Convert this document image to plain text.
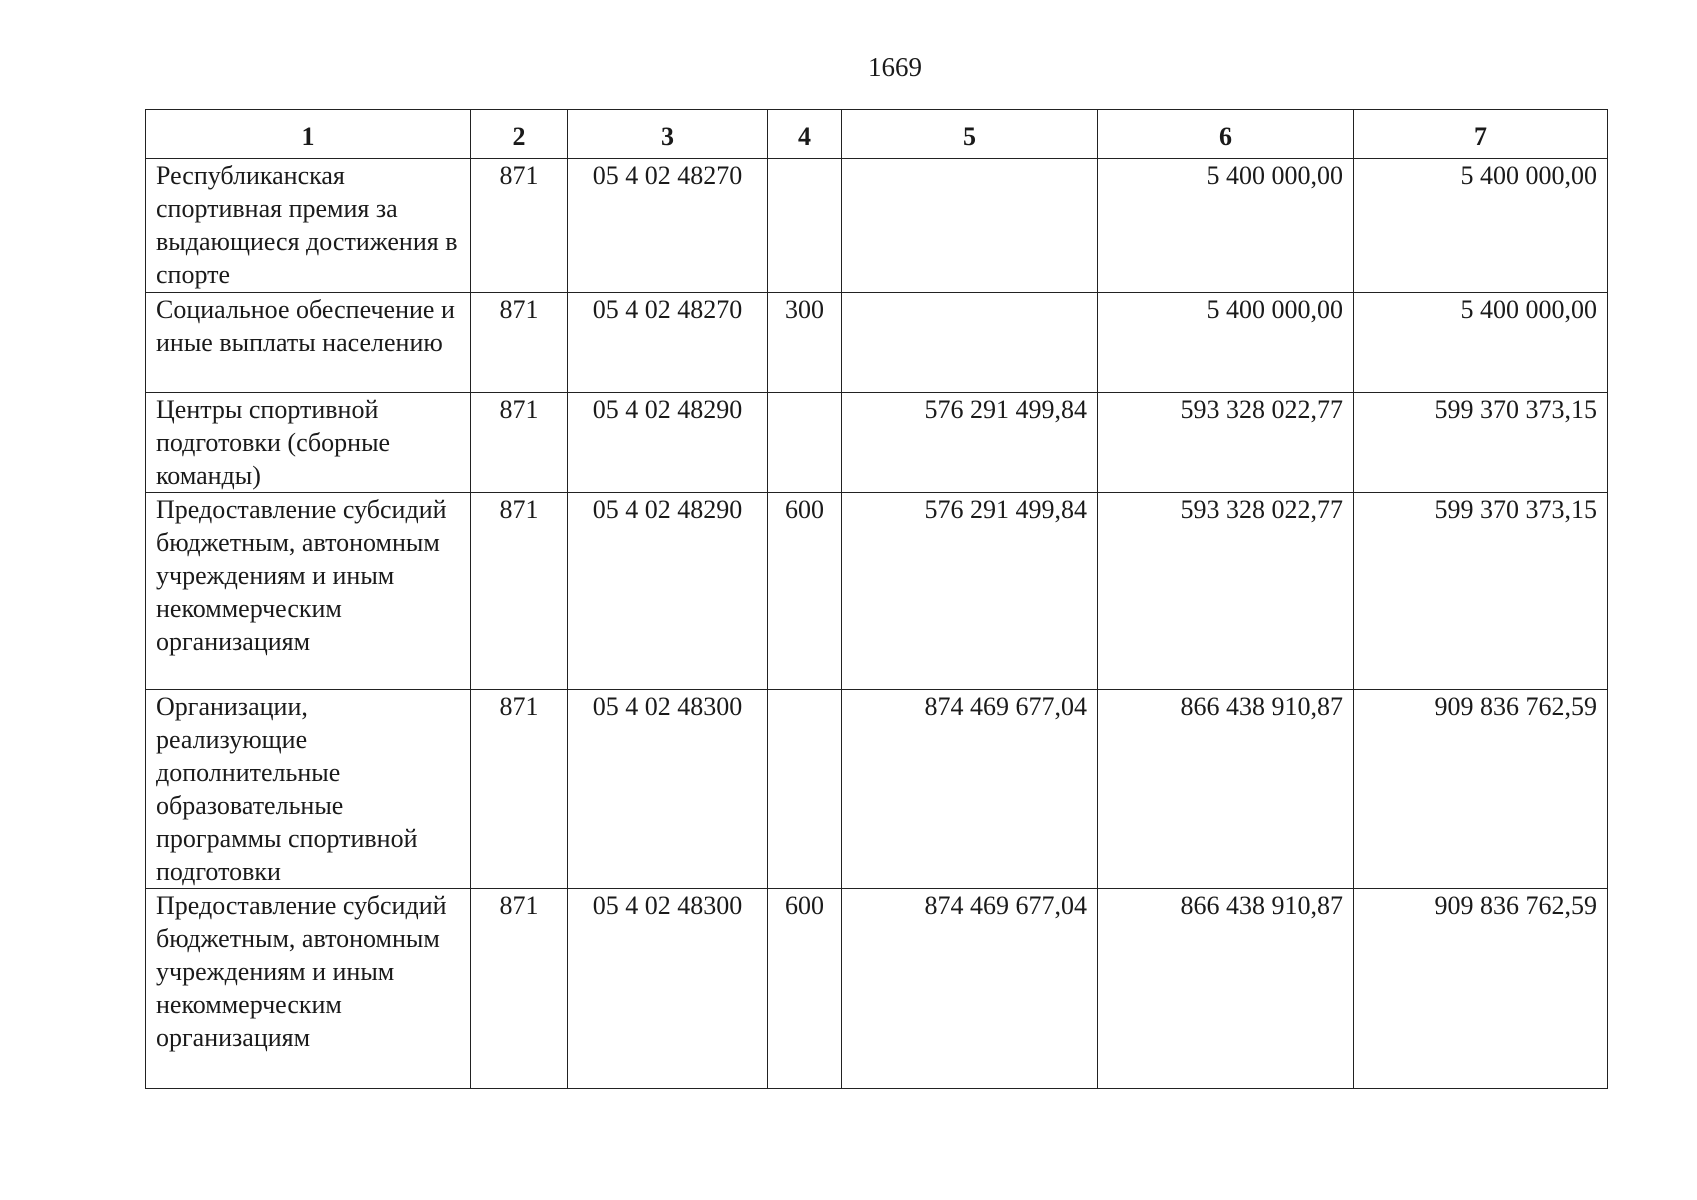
1669
1	2	3	4	5	6	7
Республиканская спортивная премия за выдающиеся достижения в спорте	871	05 4 02 48270			5 400 000,00	5 400 000,00
Социальное обеспечение и иные выплаты населению	871	05 4 02 48270	300		5 400 000,00	5 400 000,00
Центры спортивной подготовки (сборные команды)	871	05 4 02 48290		576 291 499,84	593 328 022,77	599 370 373,15
Предоставление субсидий бюджетным, автономным учреждениям и иным некоммерческим организациям	871	05 4 02 48290	600	576 291 499,84	593 328 022,77	599 370 373,15
Организации, реализующие дополнительные образовательные программы спортивной подготовки	871	05 4 02 48300		874 469 677,04	866 438 910,87	909 836 762,59
Предоставление субсидий бюджетным, автономным учреждениям и иным некоммерческим организациям	871	05 4 02 48300	600	874 469 677,04	866 438 910,87	909 836 762,59
